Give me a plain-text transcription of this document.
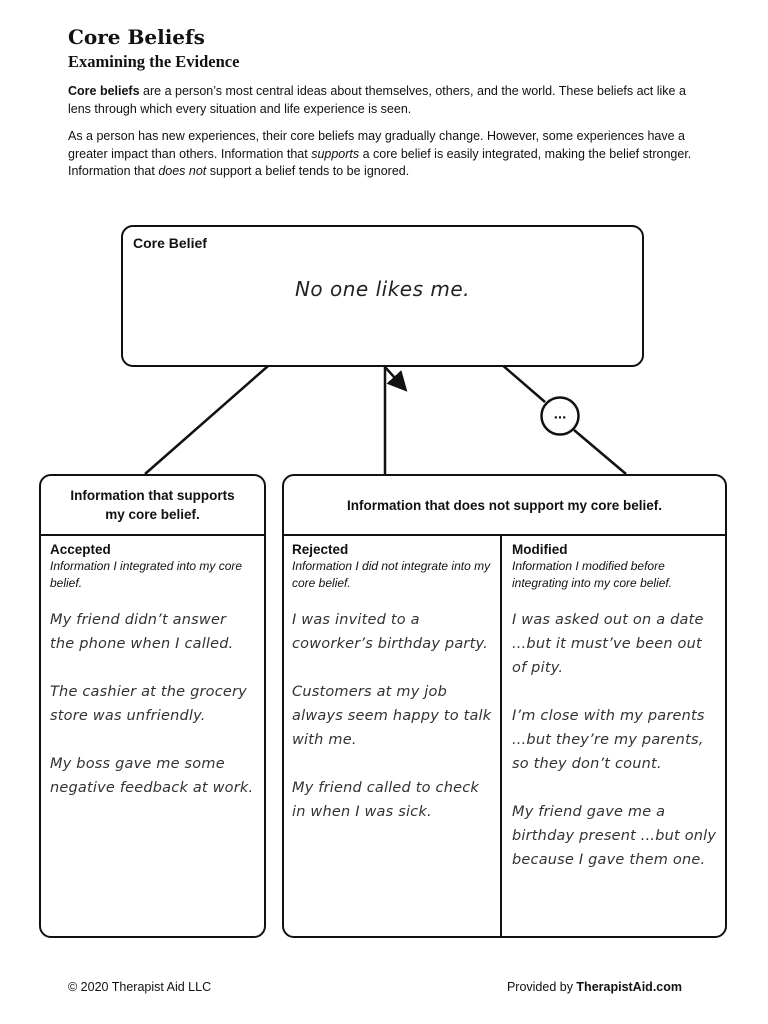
Core Beliefs
Examining the Evidence

Core beliefs are a person’s most central ideas about themselves, others, and the world. These beliefs act like a lens through which every situation and life experience is seen.

As a person has new experiences, their core beliefs may gradually change. However, some experiences have a greater impact than others. Information that supports a core belief is easily integrated, making the belief stronger. Information that does not support a belief tends to be ignored.

...
Core Belief
No one likes me.
Information that supports my core belief.
Accepted
Information I integrated into my core belief.

My friend didn’t answer the phone when I called.

The cashier at the grocery store was unfriendly.

My boss gave me some negative feedback at work.

Information that does not support my core belief.
Rejected
Information I did not integrate into my core belief.

I was invited to a coworker’s birthday party.

Customers at my job always seem happy to talk with me.

My friend called to check in when I was sick.

Modified
Information I modified before integrating into my core belief.

I was asked out on a date ...but it must’ve been out of pity.

I’m close with my parents ...but they’re my parents, so they don’t count.

My friend gave me a birthday present ...but only because I gave them one.

© 2020 Therapist Aid LLC	Provided by TherapistAid.com
